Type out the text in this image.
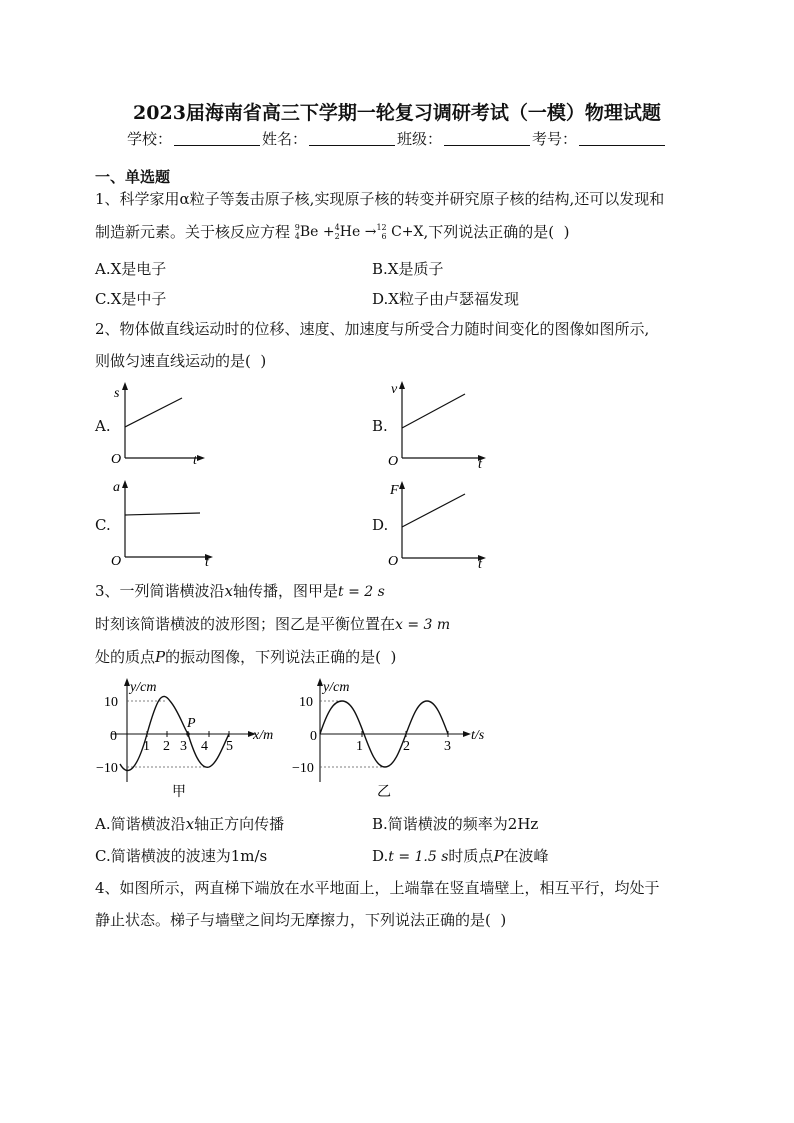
2023届海南省高三下学期一轮复习调研考试（一模）物理试题
学校：	姓名：	班级：	考号：
一、单选题
1、科学家用α粒子等轰击原子核,实现原子核的转变并研究原子核的结构,还可以发现和
制造新元素。关于核反应方程 9
4 Be + 4
2 He → 12
6 C+X,下列说法正确的是(  )
A.X是电子	B.X是质子
C.X是中子	D.X粒子由卢瑟福发现
2、物体做直线运动时的位移、速度、加速度与所受合力随时间变化的图像如图所示,
则做匀速直线运动的是(  )
A.
s
O	t
B.
v
O	t
C.
a
O	t
D.
F
O	t
3、一列简谐横波沿x轴传播，图甲是t = 2 s
时刻该简谐横波的波形图；图乙是平衡位置在x = 3 m
处的质点P的振动图像，下列说法正确的是(  )
y/cm
x/m
10
0
−10
1 2 3 4 5
P
甲
y/cm
t/s
10
0
−10
1	2 3
乙
A.简谐横波沿x轴正方向传播	B.简谐横波的频率为2Hz
C.简谐横波的波速为1m/s	D.t = 1.5 s时质点P在波峰
4、如图所示，两直梯下端放在水平地面上，上端靠在竖直墙壁上，相互平行，均处于
静止状态。梯子与墙壁之间均无摩擦力，下列说法正确的是(  )
